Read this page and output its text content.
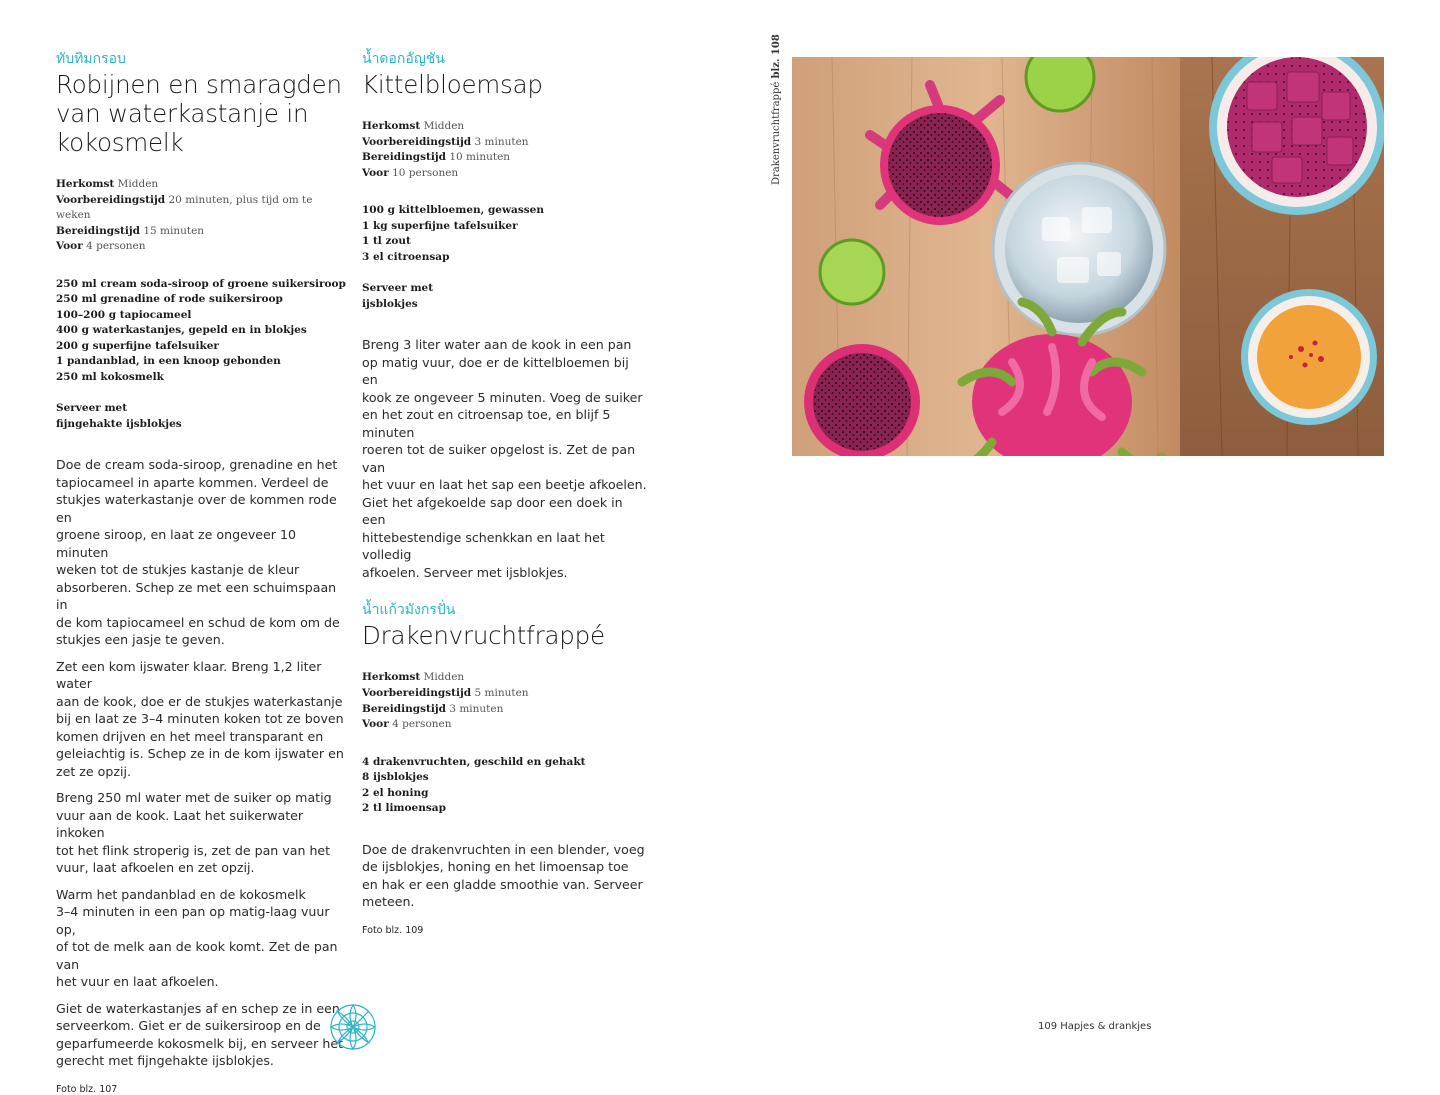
ทับทิมกรอบ
Robijnen en smaragden
van waterkastanje in
kokosmelk
Herkomst Midden
Voorbereidingstijd 20 minuten, plus tijd om te weken
Bereidingstijd 15 minuten
Voor 4 personen
250 ml cream soda-siroop of groene suikersiroop
250 ml grenadine of rode suikersiroop
100–200 g tapiocameel
400 g waterkastanjes, gepeld en in blokjes
200 g superfijne tafelsuiker
1 pandanblad, in een knoop gebonden
250 ml kokosmelk
Serveer met
fijngehakte ijsblokjes
Doe de cream soda-siroop, grenadine en het
tapiocameel in aparte kommen. Verdeel de
stukjes waterkastanje over de kommen rode en
groene siroop, en laat ze ongeveer 10 minuten
weken tot de stukjes kastanje de kleur
absorberen. Schep ze met een schuimspaan in
de kom tapiocameel en schud de kom om de
stukjes een jasje te geven.
Zet een kom ijswater klaar. Breng 1,2 liter water
aan de kook, doe er de stukjes waterkastanje
bij en laat ze 3–4 minuten koken tot ze boven
komen drijven en het meel transparant en
geleiachtig is. Schep ze in de kom ijswater en
zet ze opzij.
Breng 250 ml water met de suiker op matig
vuur aan de kook. Laat het suikerwater inkoken
tot het flink stroperig is, zet de pan van het
vuur, laat afkoelen en zet opzij.
Warm het pandanblad en de kokosmelk
3–4 minuten in een pan op matig-laag vuur op,
of tot de melk aan de kook komt. Zet de pan van
het vuur en laat afkoelen.
Giet de waterkastanjes af en schep ze in een
serveerkom. Giet er de suikersiroop en de
geparfumeerde kokosmelk bij, en serveer het
gerecht met fijngehakte ijsblokjes.
Foto blz. 107
น้ำดอกอัญชัน
Kittelbloemsap
Herkomst Midden
Voorbereidingstijd 3 minuten
Bereidingstijd 10 minuten
Voor 10 personen
100 g kittelbloemen, gewassen
1 kg superfijne tafelsuiker
1 tl zout
3 el citroensap
Serveer met
ijsblokjes
Breng 3 liter water aan de kook in een pan
op matig vuur, doe er de kittelbloemen bij en
kook ze ongeveer 5 minuten. Voeg de suiker
en het zout en citroensap toe, en blijf 5 minuten
roeren tot de suiker opgelost is. Zet de pan van
het vuur en laat het sap een beetje afkoelen.
Giet het afgekoelde sap door een doek in een
hittebestendige schenkkan en laat het volledig
afkoelen. Serveer met ijsblokjes.
น้ำแก้วมังกรปั่น
Drakenvruchtfrappé
Herkomst Midden
Voorbereidingstijd 5 minuten
Bereidingstijd 3 minuten
Voor 4 personen
4 drakenvruchten, geschild en gehakt
8 ijsblokjes
2 el honing
2 tl limoensap
Doe de drakenvruchten in een blender, voeg
de ijsblokjes, honing en het limoensap toe
en hak er een gladde smoothie van. Serveer
meteen.
Foto blz. 109
Drakenvruchtfrappé blz. 108
109 Hapjes & drankjes
